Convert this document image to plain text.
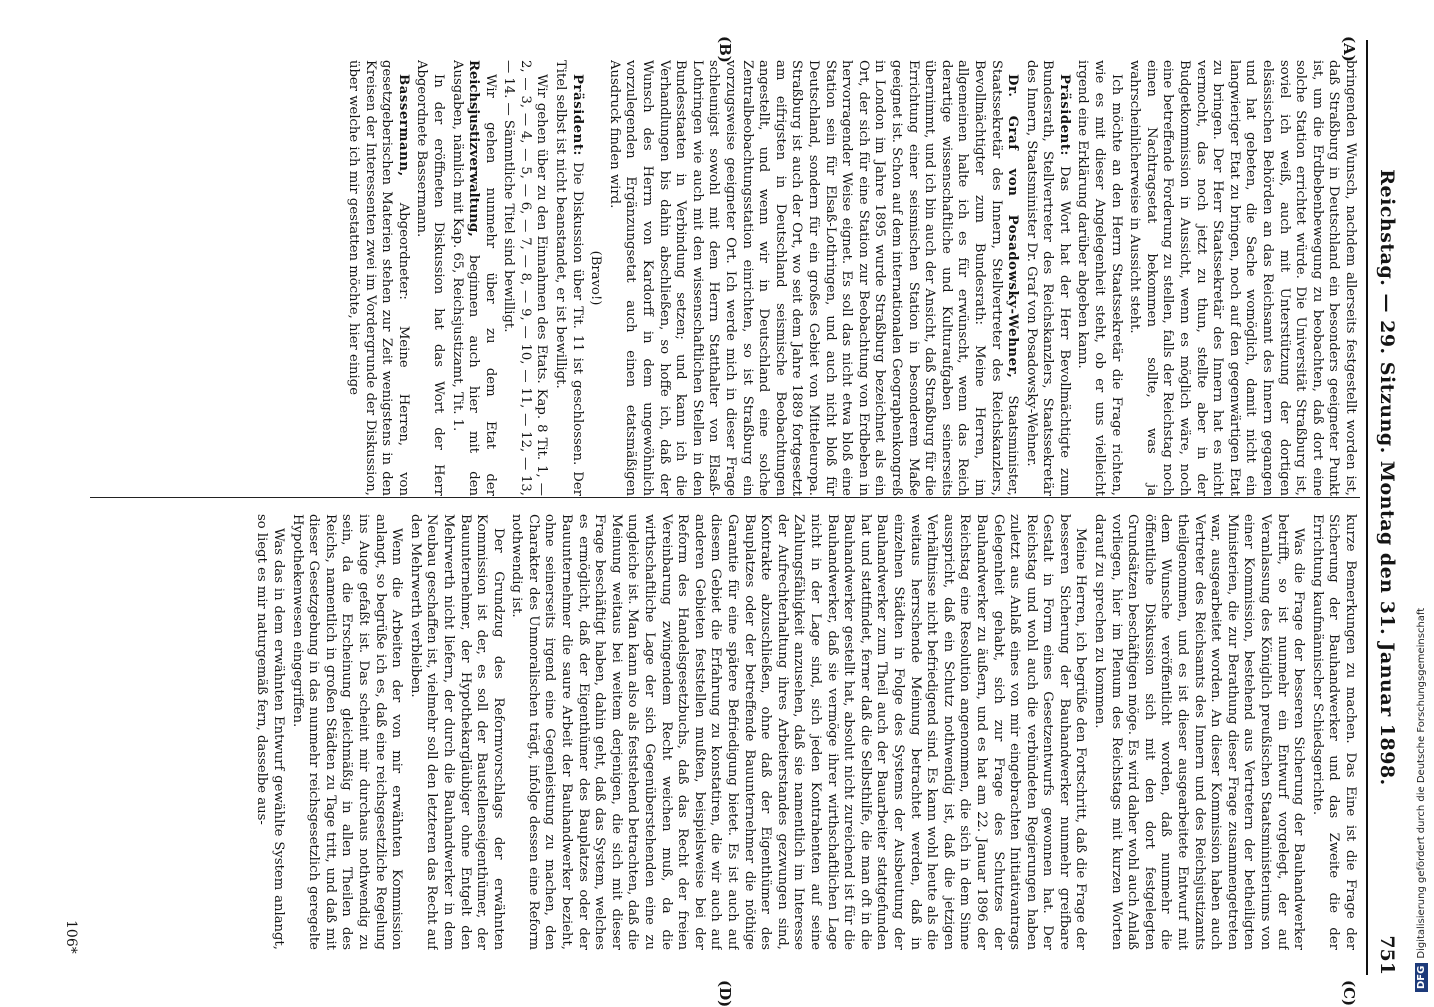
Reichstag. — 29. Sitzung. Montag den 31. Januar 1898.
751
(A)
(B)
(C)
(D)

bringenden Wunsch, nachdem allerseits festgestellt worden ist, daß Straßburg in Deutschland ein besonders geeigneter Punkt ist, um die Erdbebenbewegung zu beobachten, daß dort eine solche Station errichtet würde. Die Universität Straßburg ist, soviel ich weiß, auch mit Unterstützung der dortigen elsässischen Behörden an das Reichsamt des Innern gegangen und hat gebeten, die Sache womöglich, damit nicht ein langwieriger Etat zu bringen, noch auf den gegenwärtigen Etat zu bringen. Der Herr Staatssekretär des Innern hat es nicht vermocht, das noch jetzt zu thun, stellte aber in der Budgetkommission in Aussicht, wenn es möglich wäre, noch eine betreffende Forderung zu stellen, falls der Reichstag noch einen Nachtragsetat bekommen sollte, was ja wahrscheinlicherweise in Aussicht steht.

Ich möchte an den Herrn Staatssekretär die Frage richten, wie es mit dieser Angelegenheit steht, ob er uns vielleicht irgend eine Erklärung darüber abgeben kann.

Präsident: Das Wort hat der Herr Bevollmächtigte zum Bundesrath, Stellvertreter des Reichskanzlers, Staatssekretär des Innern, Staatsminister Dr. Graf von Posadowsky-Wehner.

Dr. Graf von Posadowsky-Wehner, Staatsminister, Staatssekretär des Innern, Stellvertreter des Reichskanzlers, Bevollmächtigter zum Bundesrath: Meine Herren, im allgemeinen halte ich es für erwünscht, wenn das Reich derartige wissenschaftliche und Kulturaufgaben seinerseits übernimmt, und ich bin auch der Ansicht, daß Straßburg für die Errichtung einer seismischen Station in besonderem Maße geeignet ist. Schon auf dem internationalen Geographenkongreß in London im Jahre 1895 wurde Straßburg bezeichnet als ein Ort, der sich für eine Station zur Beobachtung von Erdbeben in hervorragender Weise eignet. Es soll das nicht etwa bloß eine Station sein für Elsaß-Lothringen, und auch nicht bloß für Deutschland, sondern für ein großes Gebiet von Mitteleuropa. Straßburg ist auch der Ort, wo seit dem Jahre 1889 fortgesetzt am eifrigsten in Deutschland seismische Beobachtungen angestellt, und wenn wir in Deutschland eine solche Zentralbeobachtungsstation einrichten, so ist Straßburg ein vorzugsweise geeigneter Ort. Ich werde mich in dieser Frage schleunigst sowohl mit dem Herrn Statthalter von Elsaß-Lothringen wie auch mit den wissenschaftlichen Stellen in den Bundesstaaten in Verbindung setzen; und kann ich die Verhandlungen bis dahin abschließen, so hoffe ich, daß der Wunsch des Herrn von Kardorff in dem ungewöhnlich vorzulegenden Ergänzungsetat auch einen etatsmäßigen Ausdruck finden wird.

(Bravo!)

Präsident: Die Diskussion über Tit. 11 ist geschlossen. Der Titel selbst ist nicht beanstandet, er ist bewilligt.

Wir gehen über zu den Einnahmen des Etats. Kap. 8 Tit. 1, — 2, — 3, — 4, — 5, — 6, — 7, — 8, — 9, — 10, — 11, — 12, — 13, — 14. — Sämmtliche Titel sind bewilligt.

Wir gehen nunmehr über zu dem Etat der Reichsjustizverwaltung, beginnen auch hier mit den Ausgaben, nämlich mit Kap. 65, Reichsjustizamt, Tit. 1.

In der eröffneten Diskussion hat das Wort der Herr Abgeordnete Bassermann.

Bassermann, Abgeordneter: Meine Herren, von gesetzgeberischen Materien stehen zur Zeit wenigstens in den Kreisen der Interessenten zwei im Vordergrunde der Diskussion, über welche ich mir gestatten möchte, hier einige

kurze Bemerkungen zu machen. Das Eine ist die Frage der Sicherung der Bauhandwerker und das Zweite die der Errichtung kaufmännischer Schiedsgerichte.

Was die Frage der besseren Sicherung der Bauhandwerker betrifft, so ist nunmehr ein Entwurf vorgelegt, der auf Veranlassung des Königlich preußischen Staatsministeriums von einer Kommission, bestehend aus Vertretern der betheiligten Ministerien, die zur Berathung dieser Frage zusammengetreten war, ausgearbeitet worden. An dieser Kommission haben auch Vertreter des Reichsamts des Innern und des Reichsjustizamts theilgenommen, und es ist dieser ausgearbeitete Entwurf mit dem Wunsche veröffentlicht worden, daß nunmehr die öffentliche Diskussion sich mit den dort festgelegten Grundsätzen beschäftigen möge. Es wird daher wohl auch Anlaß vorliegen, hier im Plenum des Reichstags mit kurzen Worten darauf zu sprechen zu kommen.

Meine Herren, ich begrüße den Fortschritt, daß die Frage der besseren Sicherung der Bauhandwerker nunmehr greifbare Gestalt in Form eines Gesetzentwurfs gewonnen hat. Der Reichstag und wohl auch die verbündeten Regierungen haben zuletzt aus Anlaß eines von mir eingebrachten Initiativantrags Gelegenheit gehabt, sich zur Frage des Schutzes der Bauhandwerker zu äußern, und es hat am 22. Januar 1896 der Reichstag eine Resolution angenommen, die sich in dem Sinne ausspricht, daß ein Schutz nothwendig ist, daß die jetzigen Verhältnisse nicht befriedigend sind. Es kann wohl heute als die weitaus herrschende Meinung betrachtet werden, daß in einzelnen Städten in Folge des Systems der Ausbeutung der Bauhandwerker zum Theil auch der Bauarbeiter stattgefunden hat und stattfindet, ferner daß die Selbsthilfe, die man oft in die Bauhandwerker gestellt hat, absolut nicht zureichend ist für die Bauhandwerker, daß sie vermöge ihrer wirthschaftlichen Lage nicht in der Lage sind, sich jeden Kontrahenten auf seine Zahlungsfähigkeit anzusehen, daß sie namentlich im Interesse der Aufrechterhaltung ihres Arbeiterstandes gezwungen sind, Kontrakte abzuschließen, ohne daß der Eigenthümer des Bauplatzes oder der betreffende Bauunternehmer die nöthige Garantie für eine spätere Befriedigung bietet. Es ist auch auf diesem Gebiet die Erfahrung zu konstatiren, die wir auch auf anderen Gebieten feststellen mußten, beispielsweise bei der Reform des Handelsgesetzbuchs, daß das Recht der freien Vereinbarung zwingendem Recht weichen muß, da die wirthschaftliche Lage der sich Gegenüberstehenden eine zu ungleiche ist. Man kann also als feststehend betrachten, daß die Meinung weitaus bei weitem derjenigen, die sich mit dieser Frage beschäftigt haben, dahin geht, daß das System, welches es ermöglicht, daß der Eigenthümer des Bauplatzes oder der Bauunternehmer die saure Arbeit der Bauhandwerker bezieht, ohne seinerseits irgend eine Gegenleistung zu machen, den Charakter des Unmoralischen trägt, infolge dessen eine Reform nothwendig ist.

Der Grundzug des Reformvorschlags der erwähnten Kommission ist der, es soll der Baustellenseigenthümer, der Bauunternehmer, der Hypothekargläubiger ohne Entgelt den Mehrwerth nicht liefern, der durch die Bauhandwerker in dem Neubau geschaffen ist, vielmehr soll den letzteren das Recht auf den Mehrwerth verbleiben.

Wenn die Arbeiten der von mir erwähnten Kommission anlangt, so begrüße ich es, daß eine reichsgesetzliche Regelung ins Auge gefaßt ist. Das scheint mir durchaus nothwendig zu sein, da die Erscheinung gleichmäßig in allen Theilen des Reichs, namentlich in großen Städten zu Tage tritt, und daß mit dieser Gesetzgebung in das nunmehr reichsgesetzlich geregelte Hypothekenwesen eingegriffen.

Was das in dem erwähnten Entwurf gewählte System anlangt, so liegt es mir naturgemäß fern, dasselbe aus-

106*
DFGDigitalisierung gefördert durch die Deutsche Forschungsgemeinschaft
